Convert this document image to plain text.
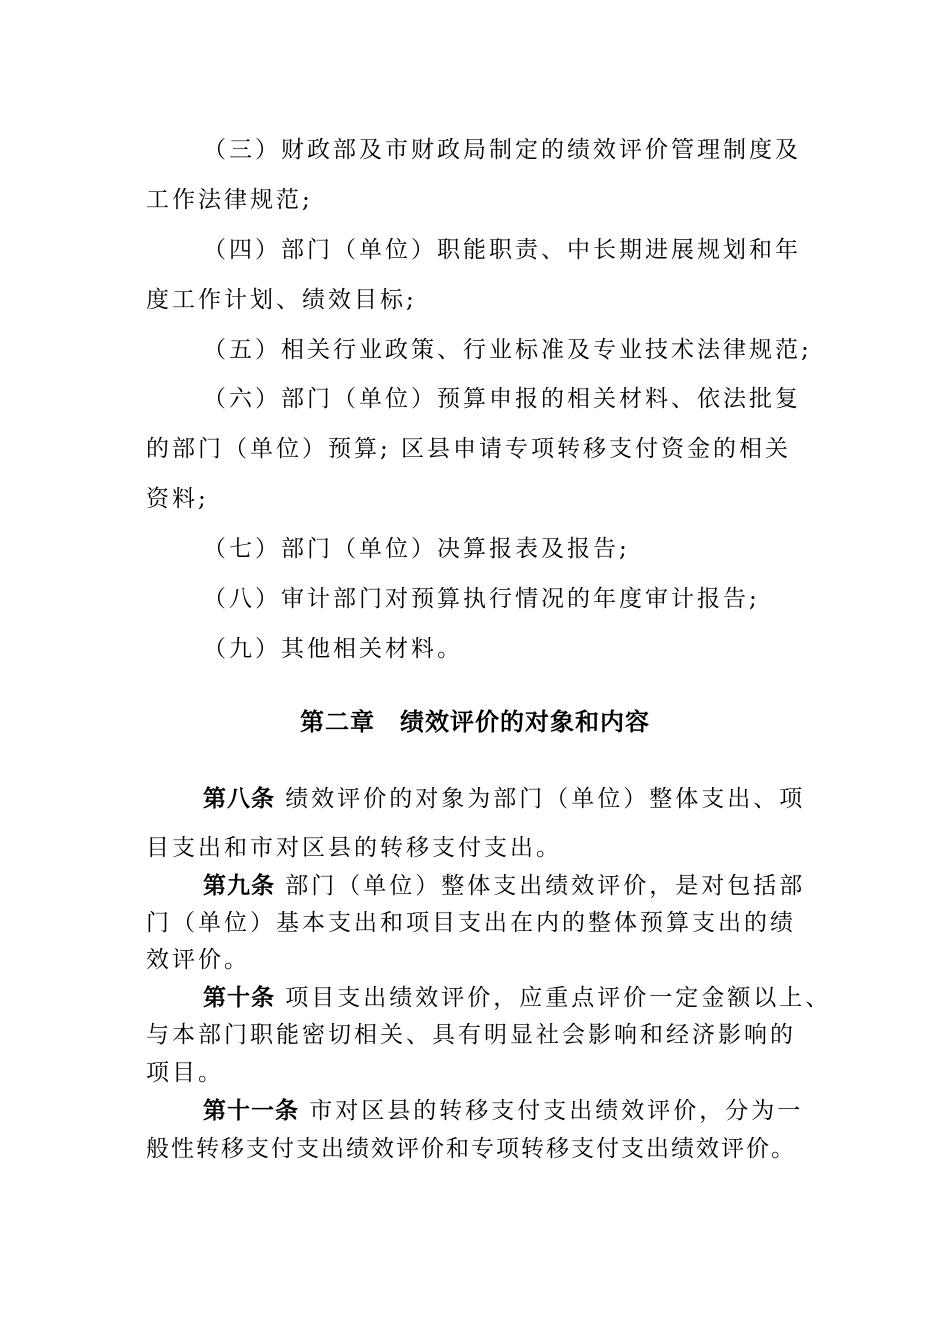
（三）财政部及市财政局制定的绩效评价管理制度及
工作法律规范;
（四）部门（单位）职能职责、中长期进展规划和年
度工作计划、绩效目标;
（五）相关行业政策、行业标准及专业技术法律规范;
（六）部门（单位）预算申报的相关材料、依法批复
的部门（单位）预算; 区县申请专项转移支付资金的相关
资料;
（七）部门（单位）决算报表及报告;
（八）审计部门对预算执行情况的年度审计报告;
（九）其他相关材料。
第二章　绩效评价的对象和内容
第八条 绩效评价的对象为部门（单位）整体支出、项
目支出和市对区县的转移支付支出。
第九条 部门（单位）整体支出绩效评价，是对包括部
门（单位）基本支出和项目支出在内的整体预算支出的绩
效评价。
第十条 项目支出绩效评价，应重点评价一定金额以上、
与本部门职能密切相关、具有明显社会影响和经济影响的
项目。
第十一条 市对区县的转移支付支出绩效评价，分为一
般性转移支付支出绩效评价和专项转移支付支出绩效评价。
